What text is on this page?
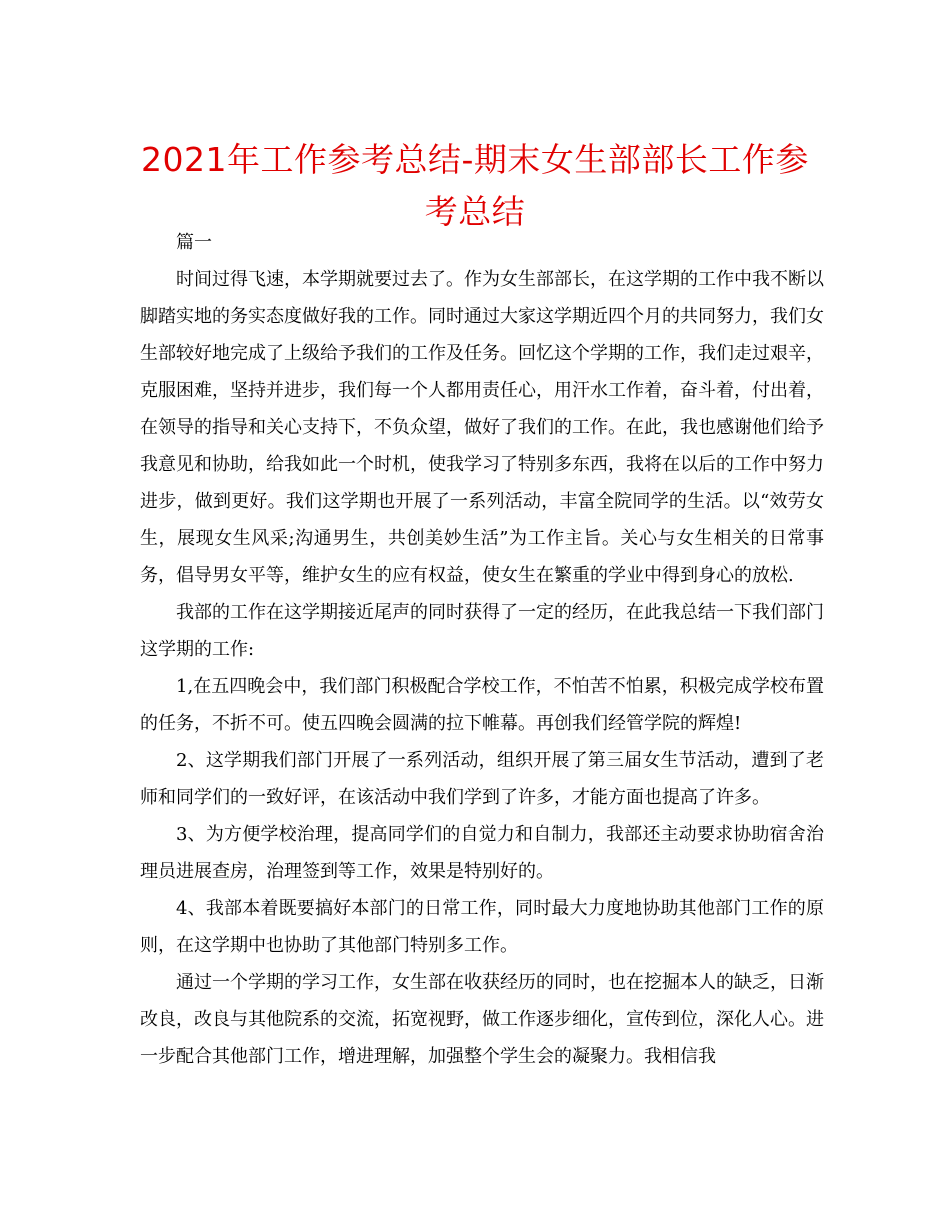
2021年工作参考总结-期末女生部部长工作参考总结

篇一

时间过得飞速，本学期就要过去了。作为女生部部长，在这学期的工作中我不断以脚踏实地的务实态度做好我的工作。同时通过大家这学期近四个月的共同努力，我们女生部较好地完成了上级给予我们的工作及任务。回忆这个学期的工作，我们走过艰辛，克服困难，坚持并进步，我们每一个人都用责任心，用汗水工作着，奋斗着，付出着，在领导的指导和关心支持下，不负众望，做好了我们的工作。在此，我也感谢他们给予我意见和协助，给我如此一个时机，使我学习了特别多东西，我将在以后的工作中努力进步，做到更好。我们这学期也开展了一系列活动，丰富全院同学的生活。以“效劳女生，展现女生风采;沟通男生，共创美妙生活”为工作主旨。关心与女生相关的日常事务，倡导男女平等，维护女生的应有权益，使女生在繁重的学业中得到身心的放松.

我部的工作在这学期接近尾声的同时获得了一定的经历，在此我总结一下我们部门这学期的工作:

1,在五四晚会中，我们部门积极配合学校工作，不怕苦不怕累，积极完成学校布置的任务，不折不可。使五四晚会圆满的拉下帷幕。再创我们经管学院的辉煌!

2、这学期我们部门开展了一系列活动，组织开展了第三届女生节活动，遭到了老师和同学们的一致好评，在该活动中我们学到了许多，才能方面也提高了许多。

3、为方便学校治理，提高同学们的自觉力和自制力，我部还主动要求协助宿舍治理员进展查房，治理签到等工作，效果是特别好的。

4、我部本着既要搞好本部门的日常工作，同时最大力度地协助其他部门工作的原则，在这学期中也协助了其他部门特别多工作。

通过一个学期的学习工作，女生部在收获经历的同时，也在挖掘本人的缺乏，日渐改良，改良与其他院系的交流，拓宽视野，做工作逐步细化，宣传到位，深化人心。进一步配合其他部门工作，增进理解，加强整个学生会的凝聚力。我相信我
